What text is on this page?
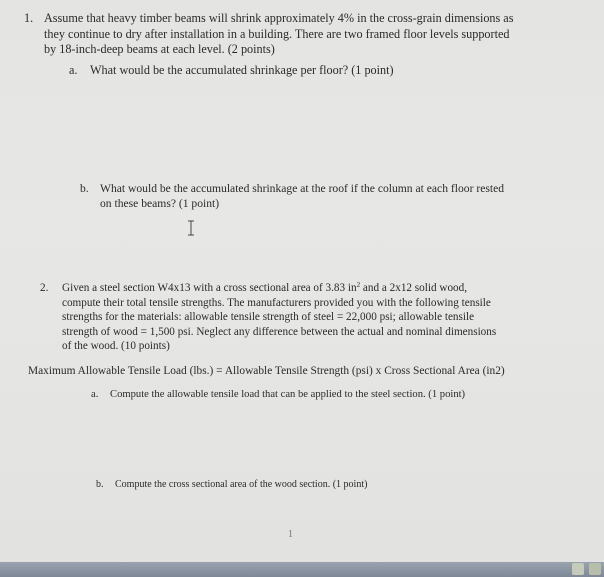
1. Assume that heavy timber beams will shrink approximately 4% in the cross-grain dimensions as
they continue to dry after installation in a building. There are two framed floor levels supported
by 18-inch-deep beams at each level. (2 points)
a. What would be the accumulated shrinkage per floor? (1 point)
b. What would be the accumulated shrinkage at the roof if the column at each floor rested
on these beams? (1 point)
2. Given a steel section W4x13 with a cross sectional area of 3.83 $in^2$ and a 2x12 solid wood,
compute their total tensile strengths. The manufacturers provided you with the following tensile
strengths for the materials: allowable tensile strength of steel = 22,000 psi; allowable tensile
strength of wood = 1,500 psi. Neglect any difference between the actual and nominal dimensions
of the wood. (10 points)
Maximum Allowable Tensile Load (lbs.) = Allowable Tensile Strength (psi) x Cross Sectional Area (in2)
a. Compute the allowable tensile load that can be applied to the steel section. (1 point)
b. Compute the cross sectional area of the wood section. (1 point)
1
